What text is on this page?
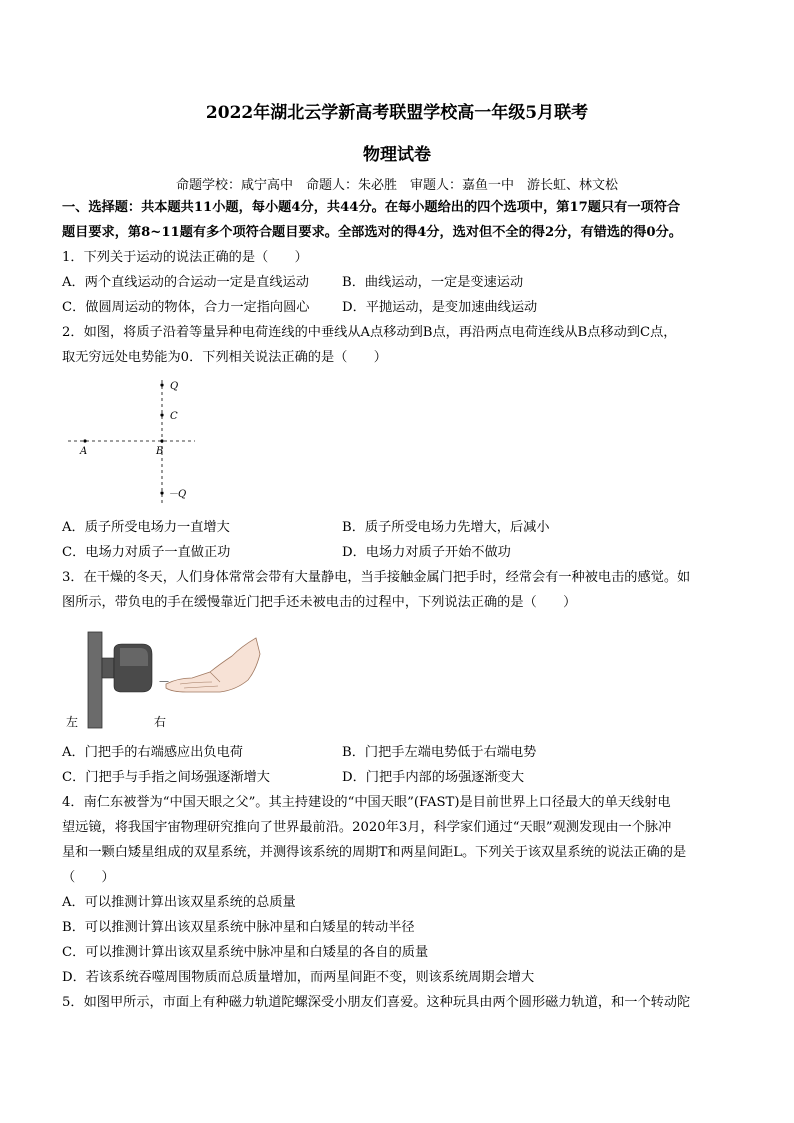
2022年湖北云学新高考联盟学校高一年级5月联考
物理试卷
命题学校：咸宁高中　命题人：朱必胜　审题人：嘉鱼一中　游长虹、林文松
一、选择题：共本题共11小题，每小题4分，共44分。在每小题给出的四个选项中，第17题只有一项符合
题目要求，第8~11题有多个项符合题目要求。全部选对的得4分，选对但不全的得2分，有错选的得0分。
1．下列关于运动的说法正确的是（　　）
A．两个直线运动的合运动一定是直线运动	B．曲线运动，一定是变速运动
C．做圆周运动的物体，合力一定指向圆心 D．平抛运动，是变加速曲线运动
2．如图，将质子沿着等量异种电荷连线的中垂线从A点移动到B点，再沿两点电荷连线从B点移动到C点，
取无穷远处电势能为0．下列相关说法正确的是（　　）
Q
C
A	B
－Q
A．质子所受电场力一直增大	B．质子所受电场力先增大，后减小
C．电场力对质子一直做正功	D．电场力对质子开始不做功
3．在干燥的冬天，人们身体常常会带有大量静电，当手接触金属门把手时，经常会有一种被电击的感觉。如
图所示，带负电的手在缓慢靠近门把手还未被电击的过程中，下列说法正确的是（　　）
－
左	右
A．门把手的右端感应出负电荷	B．门把手左端电势低于右端电势
C．门把手与手指之间场强逐渐增大	D．门把手内部的场强逐渐变大
4．南仁东被誉为“中国天眼之父”。其主持建设的“中国天眼”(FAST)是目前世界上口径最大的单天线射电
望远镜，将我国宇宙物理研究推向了世界最前沿。2020年3月，科学家们通过“天眼”观测发现由一个脉冲
星和一颗白矮星组成的双星系统，并测得该系统的周期T和两星间距L。下列关于该双星系统的说法正确的是
（　　）
A．可以推测计算出该双星系统的总质量
B．可以推测计算出该双星系统中脉冲星和白矮星的转动半径
C．可以推测计算出该双星系统中脉冲星和白矮星的各自的质量
D．若该系统吞噬周围物质而总质量增加，而两星间距不变，则该系统周期会增大
5．如图甲所示，市面上有种磁力轨道陀螺深受小朋友们喜爱。这种玩具由两个圆形磁力轨道，和一个转动陀
